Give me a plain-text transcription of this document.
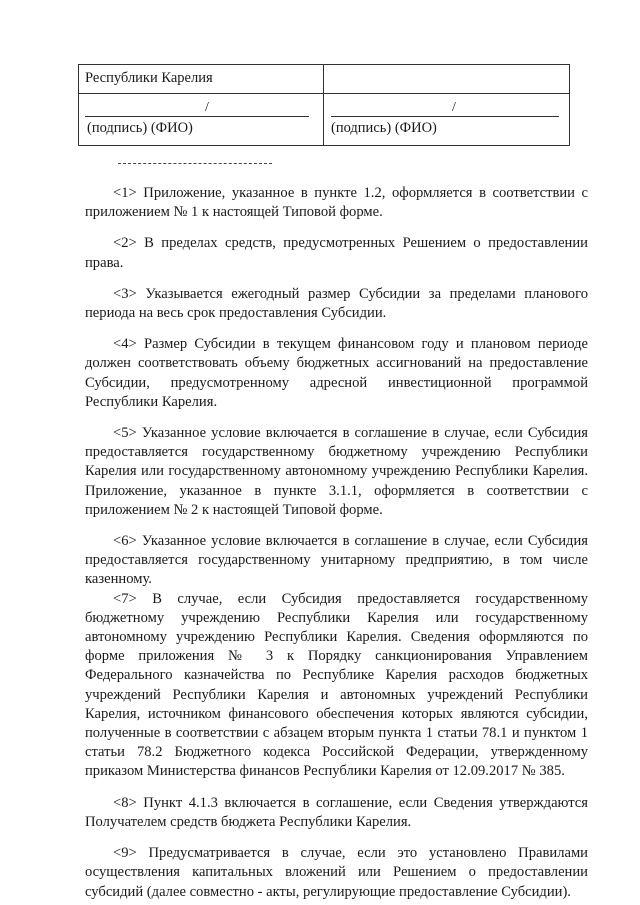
Республики Карелия
/
(подпись) (ФИО)
/
(подпись) (ФИО)

<1> Приложение, указанное в пункте 1.2, оформляется в соответствии с приложением № 1 к настоящей Типовой форме.

<2> В пределах средств, предусмотренных Решением о предоставлении права.

<3> Указывается ежегодный размер Субсидии за пределами планового периода на весь срок предоставления Субсидии.

<4> Размер Субсидии в текущем финансовом году и плановом периоде должен соответствовать объему бюджетных ассигнований на предоставление Субсидии, предусмотренному адресной инвестиционной программой Республики Карелия.

<5> Указанное условие включается в соглашение в случае, если Субсидия предоставляется государственному бюджетному учреждению Республики Карелия или государственному автономному учреждению Республики Карелия. Приложение, указанное в пункте 3.1.1, оформляется в соответствии с приложением № 2 к настоящей Типовой форме.

<6> Указанное условие включается в соглашение в случае, если Субсидия предоставляется государственному унитарному предприятию, в том числе казенному.

<7> В случае, если Субсидия предоставляется государственному бюджетному учреждению Республики Карелия или государственному автономному учреждению Республики Карелия. Сведения оформляются по форме приложения № 3 к Порядку санкционирования Управлением Федерального казначейства по Республике Карелия расходов бюджетных учреждений Республики Карелия и автономных учреждений Республики Карелия, источником финансового обеспечения которых являются субсидии, полученные в соответствии с абзацем вторым пункта 1 статьи 78.1 и пунктом 1 статьи 78.2 Бюджетного кодекса Российской Федерации, утвержденному приказом Министерства финансов Республики Карелия от 12.09.2017 № 385.

<8> Пункт 4.1.3 включается в соглашение, если Сведения утверждаются Получателем средств бюджета Республики Карелия.

<9> Предусматривается в случае, если это установлено Правилами осуществления капитальных вложений или Решением о предоставлении субсидий (далее совместно - акты, регулирующие предоставление Субсидии).
